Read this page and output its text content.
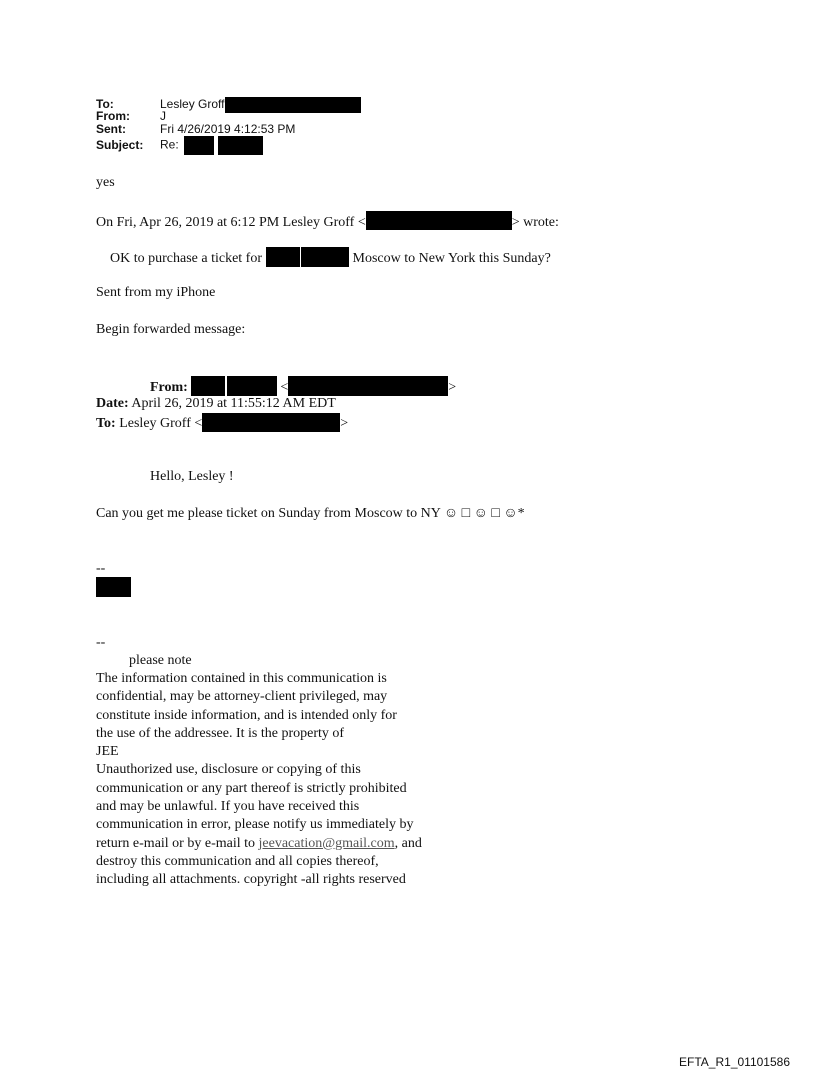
To:	Lesley Groff
From:	J
Sent:	Fri 4/26/2019 4:12:53 PM
Subject: Re:
yes
On Fri, Apr 26, 2019 at 6:12 PM Lesley Groff <	> wrote:
OK to purchase a ticket for	Moscow to New York this Sunday?
Sent from my iPhone
Begin forwarded message:
From:	<	>
Date: April 26, 2019 at 11:55:12 AM EDT
To: Lesley Groff <	>
Hello, Lesley !
Can you get me please ticket on Sunday from Moscow to NY ☺ □ ☺ □ ☺*
--
--
please note
The information contained in this communication is
confidential, may be attorney-client privileged, may
constitute inside information, and is intended only for
the use of the addressee. It is the property of
JEE
Unauthorized use, disclosure or copying of this
communication or any part thereof is strictly prohibited
and may be unlawful. If you have received this
communication in error, please notify us immediately by
return e-mail or by e-mail to jeevacation@gmail.com, and
destroy this communication and all copies thereof,
including all attachments. copyright -all rights reserved
EFTA_R1_01101586
